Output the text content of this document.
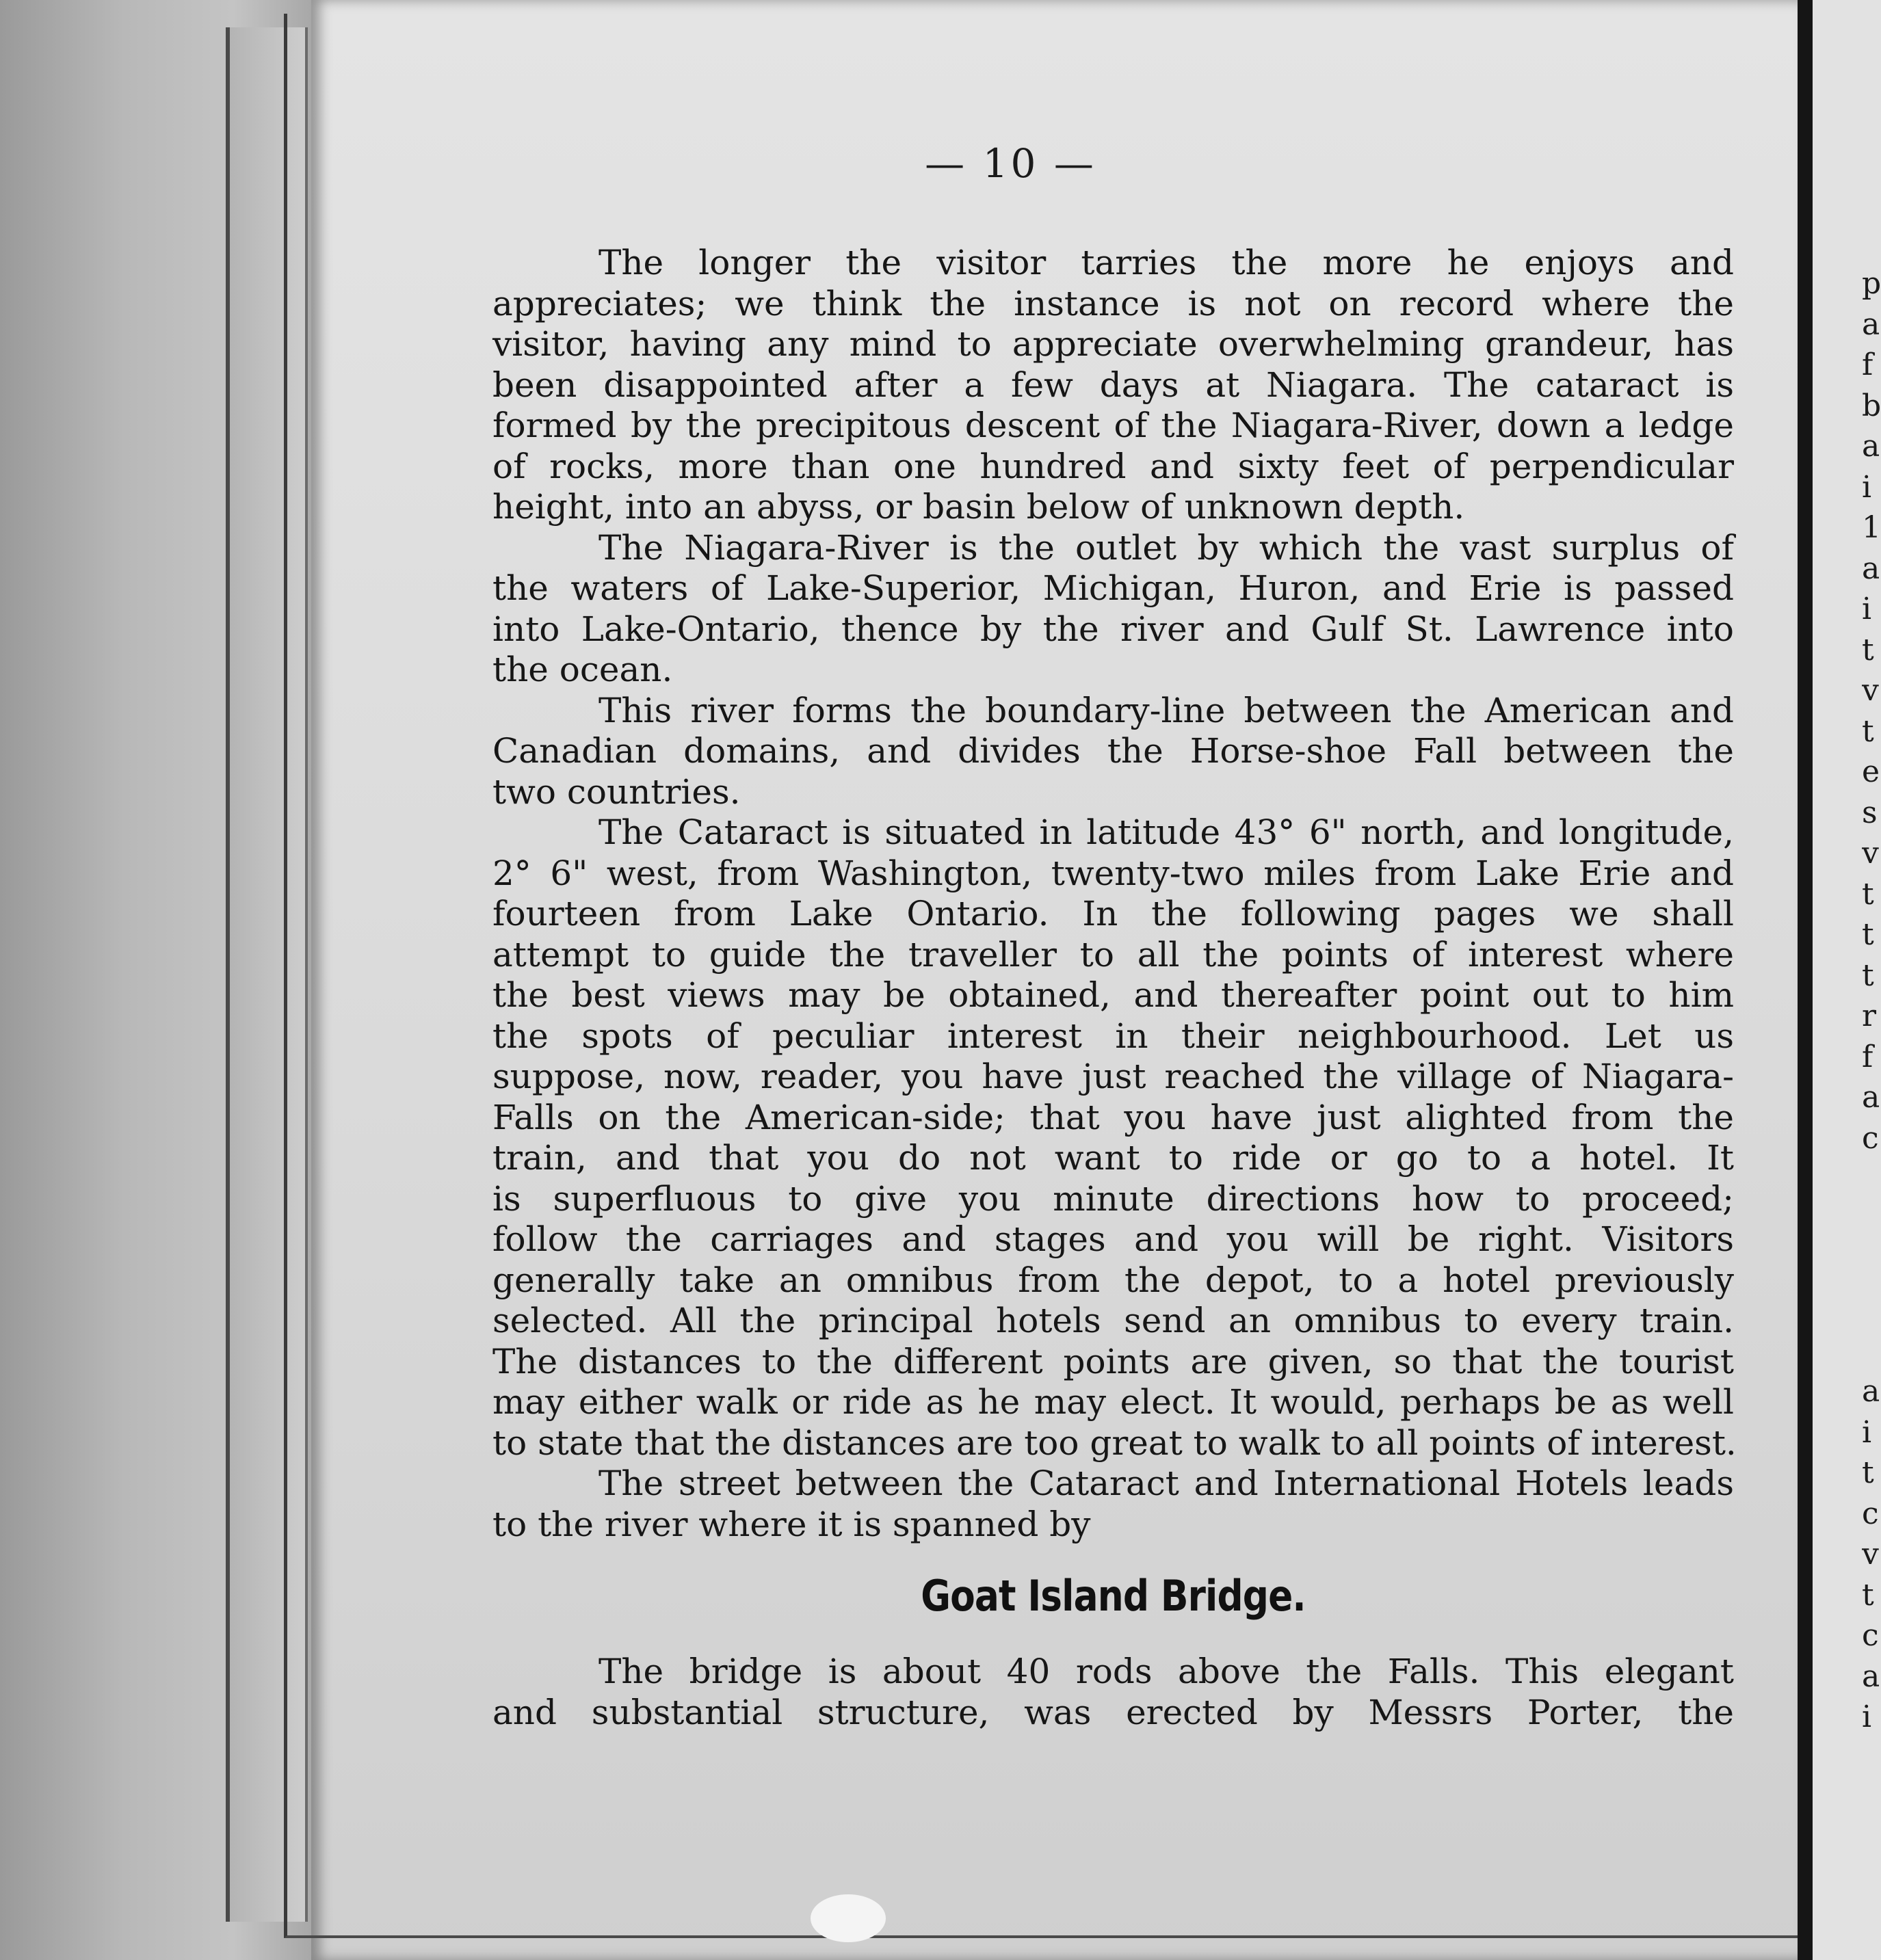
— 10 —
The longer the visitor tarries the more he enjoys and
appreciates; we think the instance is not on record where the
visitor, having any mind to appreciate overwhelming grandeur, has
been disappointed after a few days at Niagara. The cataract is
formed by the precipitous descent of the Niagara-River, down a ledge
of rocks, more than one hundred and sixty feet of perpendicular
height, into an abyss, or basin below of unknown depth.
The Niagara-River is the outlet by which the vast surplus of
the waters of Lake-Superior, Michigan, Huron, and Erie is passed
into Lake-Ontario, thence by the river and Gulf St. Lawrence into
the ocean.
This river forms the boundary-line between the American and
Canadian domains, and divides the Horse-shoe Fall between the
two countries.
The Cataract is situated in latitude 43° 6" north, and longitude,
2° 6" west, from Washington, twenty-two miles from Lake Erie and
fourteen from Lake Ontario. In the following pages we shall
attempt to guide the traveller to all the points of interest where
the best views may be obtained, and thereafter point out to him
the spots of peculiar interest in their neighbourhood. Let us
suppose, now, reader, you have just reached the village of Niagara-
Falls on the American-side; that you have just alighted from the
train, and that you do not want to ride or go to a hotel. It
is superfluous to give you minute directions how to proceed;
follow the carriages and stages and you will be right. Visitors
generally take an omnibus from the depot, to a hotel previously
selected. All the principal hotels send an omnibus to every train.
The distances to the different points are given, so that the tourist
may either walk or ride as he may elect. It would, perhaps be as well
to state that the distances are too great to walk to all points of interest.
The street between the Cataract and International Hotels leads
to the river where it is spanned by
Goat Island Bridge.
The bridge is about 40 rods above the Falls. This elegant
and substantial structure, was erected by Messrs Porter, the
p
a
f
b
a
i
1
a
i
t
v
t
e
s
v
t
t
t
r
f
a
c
a
i
t
c
v
t
c
a
i
